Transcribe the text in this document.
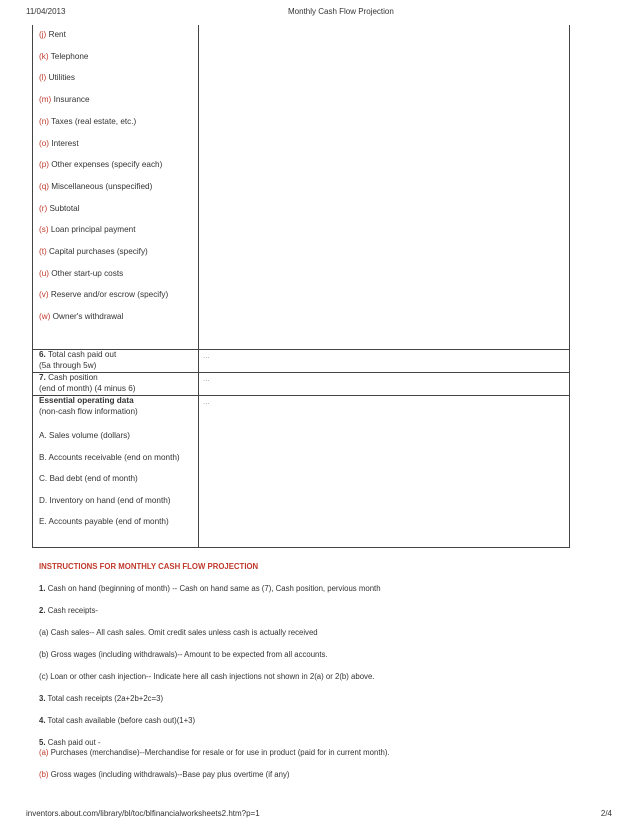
11/04/2013	Monthly Cash Flow Projection
(j) Rent
(k) Telephone
(l) Utilities
(m) Insurance
(n) Taxes (real estate, etc.)
(o) Interest
(p) Other expenses (specify each)
(q) Miscellaneous (unspecified)
(r) Subtotal
(s) Loan principal payment
(t) Capital purchases (specify)
(u) Other start-up costs
(v) Reserve and/or escrow (specify)
(w) Owner's withdrawal
6. Total cash paid out
(5a through 5w)
...
7. Cash position
(end of month) (4 minus 6)
...
Essential operating data
(non-cash flow information)
...
A. Sales volume (dollars)
B. Accounts receivable (end on month)
C. Bad debt (end of month)
D. Inventory on hand (end of month)
E. Accounts payable (end of month)
INSTRUCTIONS FOR MONTHLY CASH FLOW PROJECTION
1. Cash on hand (beginning of month) -- Cash on hand same as (7), Cash position, pervious month
2. Cash receipts-
(a) Cash sales-- All cash sales. Omit credit sales unless cash is actually received
(b) Gross wages (including withdrawals)-- Amount to be expected from all accounts.
(c) Loan or other cash injection-- Indicate here all cash injections not shown in 2(a) or 2(b) above.
3. Total cash receipts (2a+2b+2c=3)
4. Total cash available (before cash out)(1+3)
5. Cash paid out -
(a) Purchases (merchandise)--Merchandise for resale or for use in product (paid for in current month).
(b) Gross wages (including withdrawals)--Base pay plus overtime (if any)
inventors.about.com/library/bl/toc/blfinancialworksheets2.htm?p=1	2/4
